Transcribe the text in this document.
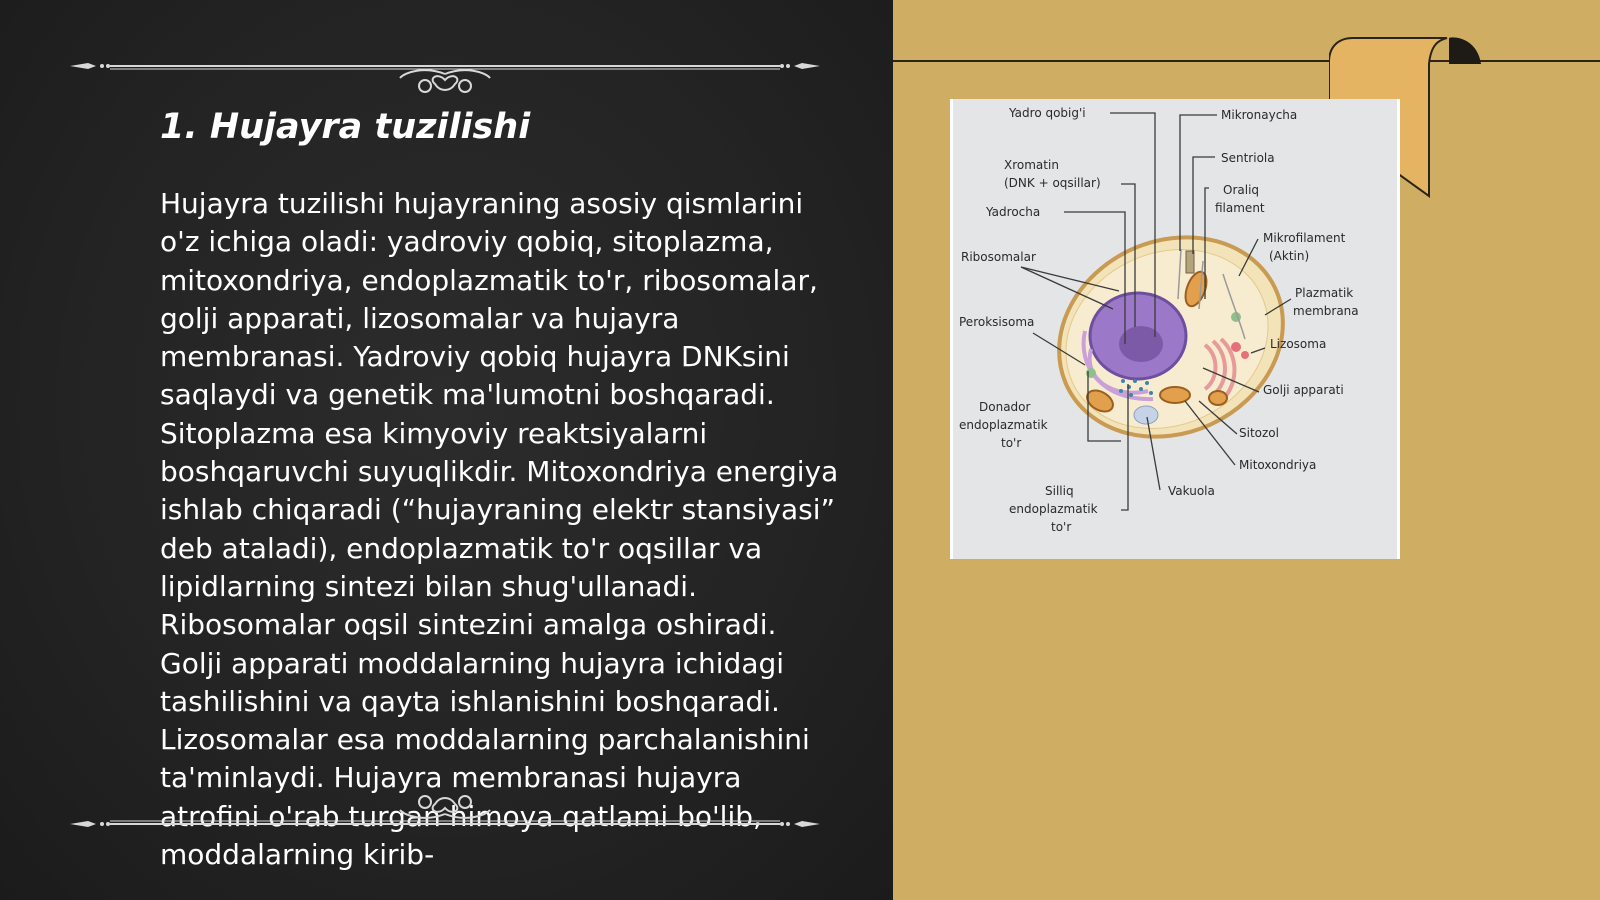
1. Hujayra tuzilishi

Hujayra tuzilishi hujayraning asosiy qismlarini o'z ichiga oladi: yadroviy qobiq, sitoplazma, mitoxondriya, endoplazmatik to'r, ribosomalar, golji apparati, lizosomalar va hujayra membranasi. Yadroviy qobiq hujayra DNKsini saqlaydi va genetik ma'lumotni boshqaradi. Sitoplazma esa kimyoviy reaktsiyalarni boshqaruvchi suyuqlikdir. Mitoxondriya energiya ishlab chiqaradi (“hujayraning elektr stansiyasi” deb ataladi), endoplazmatik to'r oqsillar va lipidlarning sintezi bilan shug'ullanadi. Ribosomalar oqsil sintezini amalga oshiradi. Golji apparati moddalarning hujayra ichidagi tashilishini va qayta ishlanishini boshqaradi. Lizosomalar esa moddalarning parchalanishini ta'minlaydi. Hujayra membranasi hujayra atrofini o'rab turgan himoya qatlami bo'lib, moddalarning kirib-

Yadro qobig'i	Mikronaycha
Xromatin
(DNK + oqsillar)
Sentriola
Oraliq
filament
Yadrocha
Mikrofilament
(Aktin)
Ribosomalar
Plazmatik
membrana
Peroksisoma
Lizosoma
Golji apparati
Donador
endoplazmatik
to'r
Sitozol
Mitoxondriya
Vakuola
Silliq
endoplazmatik
to'r
